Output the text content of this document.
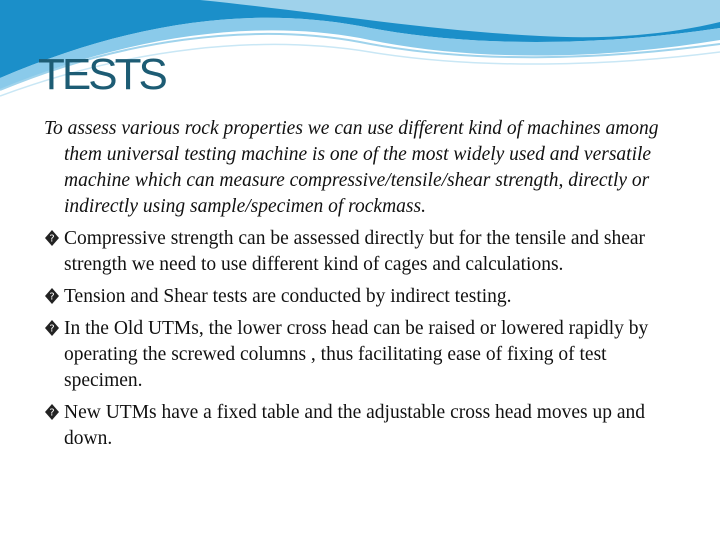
TESTS

To assess various rock properties we can use different kind of machines among them universal testing machine is one of the most widely used and versatile machine which can measure compressive/tensile/shear strength, directly or indirectly using sample/specimen of rockmass.

? Compressive strength can be assessed directly but for the tensile and shear strength we need to use different kind of cages and calculations.

? Tension and Shear tests are conducted by indirect testing.

? In the Old UTMs, the lower cross head can be raised or lowered rapidly by operating the screwed columns , thus facilitating ease of fixing of test specimen.

? New UTMs have a fixed table and the adjustable cross head moves up and down.
